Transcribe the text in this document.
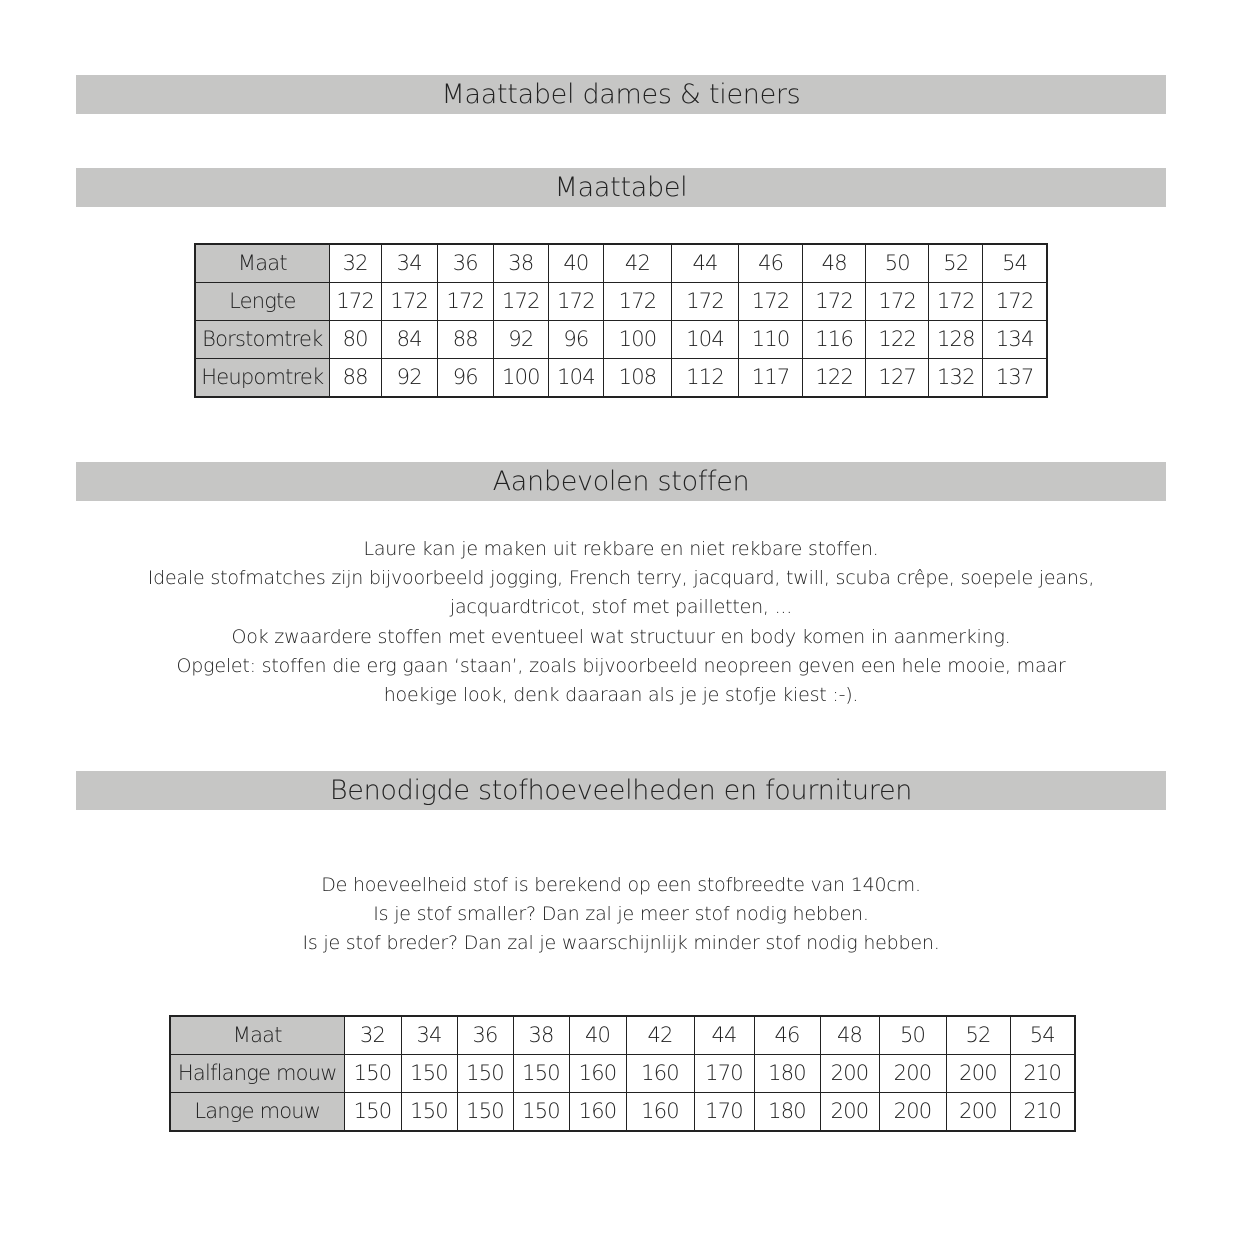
Maattabel dames & tieners
Maattabel
Maat	32	34	36	38	40	42	44	46	48	50	52	54
Lengte	172	172	172	172	172	172	172	172	172	172	172	172
Borstomtrek	80	84	88	92	96	100	104	110	116	122	128	134
Heupomtrek	88	92	96	100	104	108	112	117	122	127	132	137
Aanbevolen stoffen
Laure kan je maken uit rekbare en niet rekbare stoffen.
Ideale stofmatches zijn bijvoorbeeld jogging, French terry, jacquard, twill, scuba crêpe, soepele jeans,
jacquardtricot, stof met pailletten, ...
Ook zwaardere stoffen met eventueel wat structuur en body komen in aanmerking.
Opgelet: stoffen die erg gaan ‘staan’, zoals bijvoorbeeld neopreen geven een hele mooie, maar
hoekige look, denk daaraan als je je stofje kiest :-).
Benodigde stofhoeveelheden en fournituren
De hoeveelheid stof is berekend op een stofbreedte van 140cm.
Is je stof smaller? Dan zal je meer stof nodig hebben.
Is je stof breder? Dan zal je waarschijnlijk minder stof nodig hebben.
Maat	32	34	36	38	40	42	44	46	48	50	52	54
Halflange mouw	150	150	150	150	160	160	170	180	200	200	200	210
Lange mouw	150	150	150	150	160	160	170	180	200	200	200	210
